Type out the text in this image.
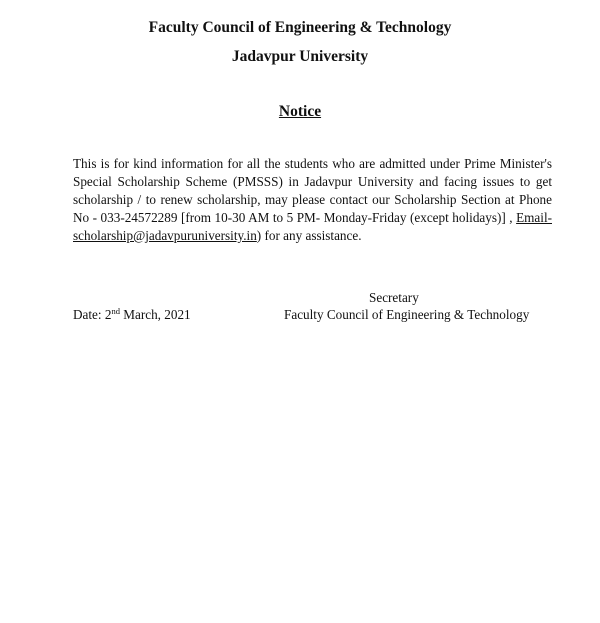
Faculty Council of Engineering & Technology
Jadavpur University
Notice
This is for kind information for all the students who are admitted under Prime Minister's Special Scholarship Scheme (PMSSS) in Jadavpur University and facing issues to get scholarship / to renew scholarship, may please contact our Scholarship Section at Phone No - 033-24572289 [from 10-30 AM to 5 PM- Monday-Friday (except holidays)] , Email-scholarship@jadavpuruniversity.in) for any assistance.
Date: 2nd March, 2021
Secretary
Faculty Council of Engineering & Technology
